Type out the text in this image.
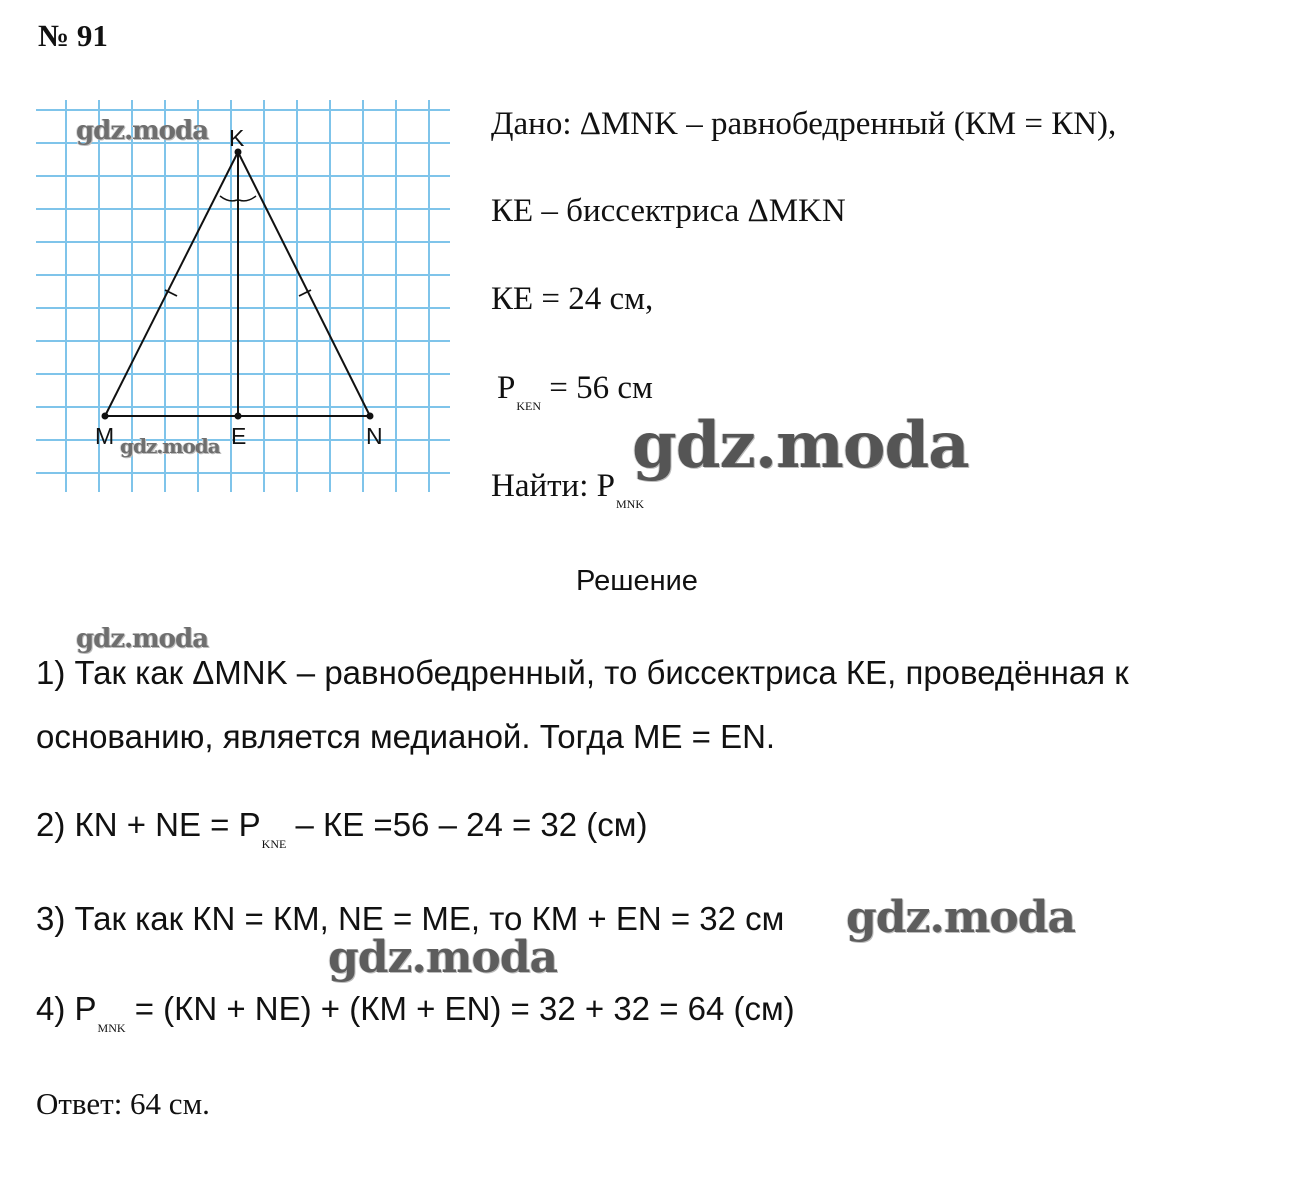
№ 91
K
M	E	N
gdz.moda
gdz.moda
Дано: ΔMNK – равнобедренный (КМ = КN),
КЕ – биссектриса ΔMKN
КЕ = 24 см,
$P_{KEN} = 56$ см
gdz.moda
Найти: $P_{MNK}$
Решение
gdz.moda
1) Так как ΔMNK – равнобедренный, то биссектриса КЕ, проведённая к
основанию, является медианой. Тогда МЕ = ЕN.
2) КN + NЕ = $P_{KNE}$ – КЕ =56 – 24 = 32 (см)
3) Так как КN = КМ, NЕ = МЕ, то КМ + ЕN = 32 см gdz.moda
gdz.moda
4) $P_{MNK} = (КN + NЕ) + (КМ + ЕN) = 32 + 32 = 64$ (см)
Ответ: 64 см.
